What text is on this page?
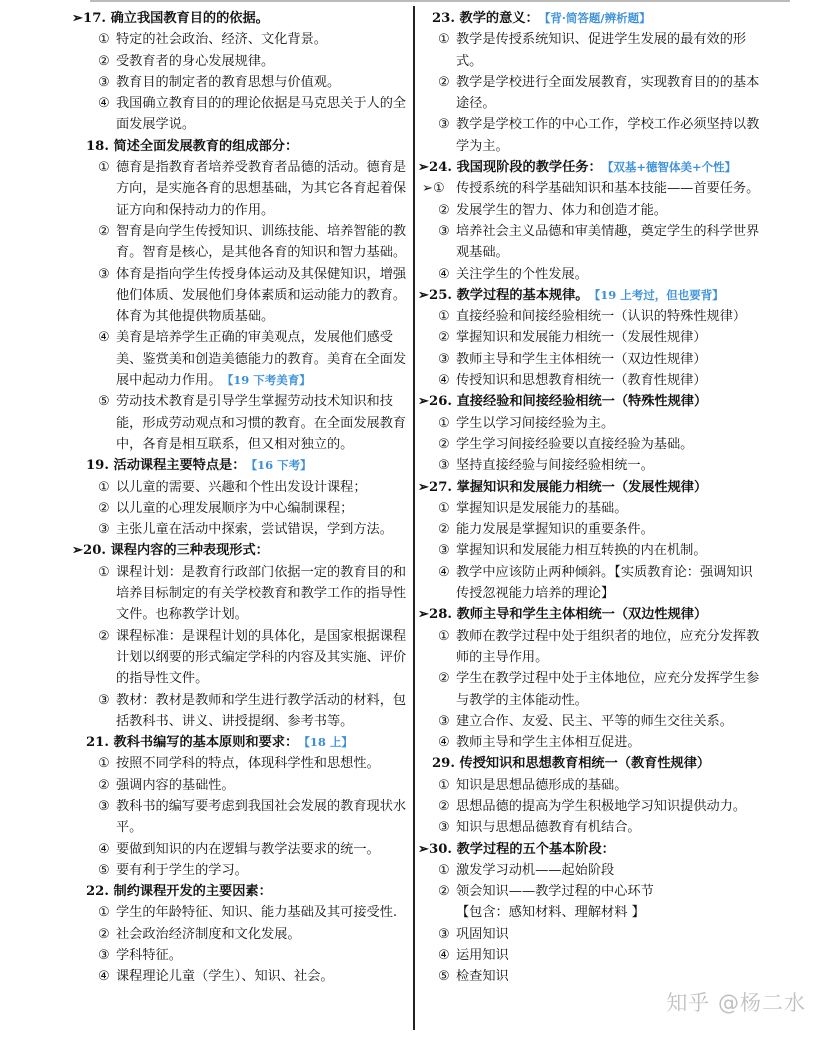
➢17. 确立我国教育目的的依据。
① 特定的社会政治、经济、文化背景。
② 受教育者的身心发展规律。
③ 教育目的制定者的教育思想与价值观。
④ 我国确立教育目的的理论依据是马克思关于人的全面发展学说。
18. 简述全面发展教育的组成部分：
① 德育是指教育者培养受教育者品德的活动。德育是方向，是实施各育的思想基础，为其它各育起着保证方向和保持动力的作用。
② 智育是向学生传授知识、训练技能、培养智能的教育。智育是核心，是其他各育的知识和智力基础。
③ 体育是指向学生传授身体运动及其保健知识，增强他们体质、发展他们身体素质和运动能力的教育。体育为其他提供物质基础。
④ 美育是培养学生正确的审美观点，发展他们感受美、鉴赏美和创造美德能力的教育。美育在全面发展中起动力作用。 【19 下考美育】
⑤ 劳动技术教育是引导学生掌握劳动技术知识和技能，形成劳动观点和习惯的教育。在全面发展教育中，各育是相互联系，但又相对独立的。
19. 活动课程主要特点是： 【16 下考】
① 以儿童的需要、兴趣和个性出发设计课程；
② 以儿童的心理发展顺序为中心编制课程；
③ 主张儿童在活动中探索，尝试错误，学到方法。
➢20. 课程内容的三种表现形式：
① 课程计划：是教育行政部门依据一定的教育目的和培养目标制定的有关学校教育和教学工作的指导性文件。也称教学计划。
② 课程标准：是课程计划的具体化，是国家根据课程计划以纲要的形式编定学科的内容及其实施、评价的指导性文件。
③ 教材：教材是教师和学生进行教学活动的材料，包括教科书、讲义、讲授提纲、参考书等。
21. 教科书编写的基本原则和要求： 【18 上】
① 按照不同学科的特点，体现科学性和思想性。
② 强调内容的基础性。
③ 教科书的编写要考虑到我国社会发展的教育现状水平。
④ 要做到知识的内在逻辑与教学法要求的统一。
⑤ 要有利于学生的学习。
22. 制约课程开发的主要因素：
① 学生的年龄特征、知识、能力基础及其可接受性.
② 社会政治经济制度和文化发展。
③ 学科特征。
④ 课程理论儿童（学生）、知识、社会。
23. 教学的意义： 【背·简答题/辨析题】
① 教学是传授系统知识、促进学生发展的最有效的形式。
② 教学是学校进行全面发展教育，实现教育目的的基本途径。
③ 教学是学校工作的中心工作，学校工作必须坚持以教学为主。
➢24. 我国现阶段的教学任务： 【双基+德智体美+个性】
➢① 传授系统的科学基础知识和基本技能——首要任务。
② 发展学生的智力、体力和创造才能。
③ 培养社会主义品德和审美情趣，奠定学生的科学世界观基础。
④ 关注学生的个性发展。
➢25. 教学过程的基本规律。 【19 上考过，但也要背】
① 直接经验和间接经验相统一（认识的特殊性规律）
② 掌握知识和发展能力相统一（发展性规律）
③ 教师主导和学生主体相统一（双边性规律）
④ 传授知识和思想教育相统一（教育性规律）
➢26. 直接经验和间接经验相统一（特殊性规律）
① 学生以学习间接经验为主。
② 学生学习间接经验要以直接经验为基础。
③ 坚持直接经验与间接经验相统一。
➢27. 掌握知识和发展能力相统一（发展性规律）
① 掌握知识是发展能力的基础。
② 能力发展是掌握知识的重要条件。
③ 掌握知识和发展能力相互转换的内在机制。
④ 教学中应该防止两种倾斜。【实质教育论：强调知识传授忽视能力培养的理论】
➢28. 教师主导和学生主体相统一（双边性规律）
① 教师在教学过程中处于组织者的地位，应充分发挥教师的主导作用。
② 学生在教学过程中处于主体地位，应充分发挥学生参与教学的主体能动性。
③ 建立合作、友爱、民主、平等的师生交往关系。
④ 教师主导和学生主体相互促进。
29. 传授知识和思想教育相统一（教育性规律）
① 知识是思想品德形成的基础。
② 思想品德的提高为学生积极地学习知识提供动力。
③ 知识与思想品德教育有机结合。
➢30. 教学过程的五个基本阶段：
① 激发学习动机——起始阶段
② 领会知识——教学过程的中心环节
【包含：感知材料、理解材料 】
③ 巩固知识
④ 运用知识
⑤ 检查知识
知乎 @杨二水
